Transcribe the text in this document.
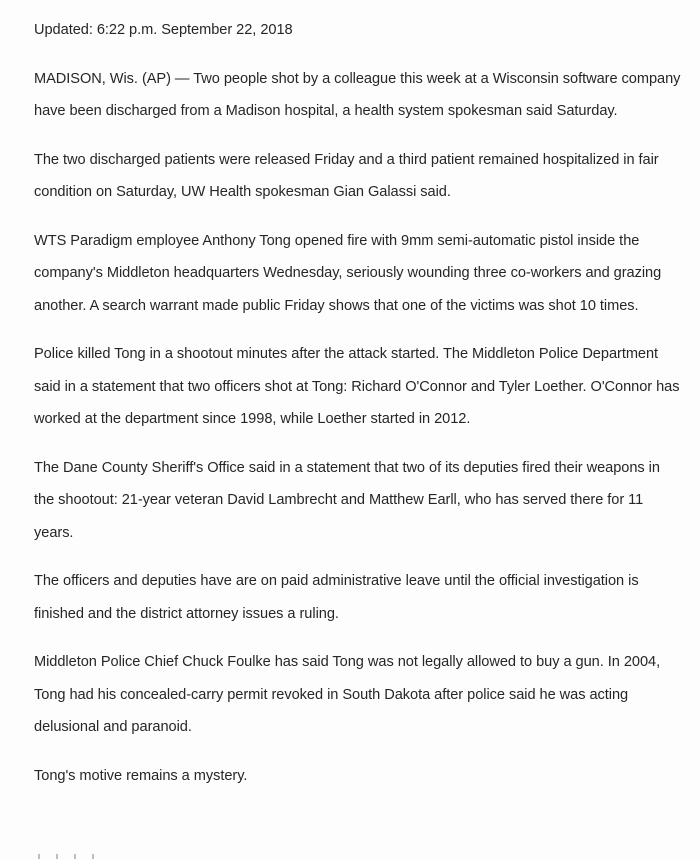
Updated: 6:22 p.m. September 22, 2018

MADISON, Wis. (AP) — Two people shot by a colleague this week at a Wisconsin software company have been discharged from a Madison hospital, a health system spokesman said Saturday.

The two discharged patients were released Friday and a third patient remained hospitalized in fair condition on Saturday, UW Health spokesman Gian Galassi said.

WTS Paradigm employee Anthony Tong opened fire with 9mm semi-automatic pistol inside the company's Middleton headquarters Wednesday, seriously wounding three co-workers and grazing another. A search warrant made public Friday shows that one of the victims was shot 10 times.

Police killed Tong in a shootout minutes after the attack started. The Middleton Police Department said in a statement that two officers shot at Tong: Richard O'Connor and Tyler Loether. O'Connor has worked at the department since 1998, while Loether started in 2012.

The Dane County Sheriff's Office said in a statement that two of its deputies fired their weapons in the shootout: 21-year veteran David Lambrecht and Matthew Earll, who has served there for 11 years.

The officers and deputies have are on paid administrative leave until the official investigation is finished and the district attorney issues a ruling.

Middleton Police Chief Chuck Foulke has said Tong was not legally allowed to buy a gun. In 2004, Tong had his concealed-carry permit revoked in South Dakota after police said he was acting delusional and paranoid.

Tong's motive remains a mystery.
